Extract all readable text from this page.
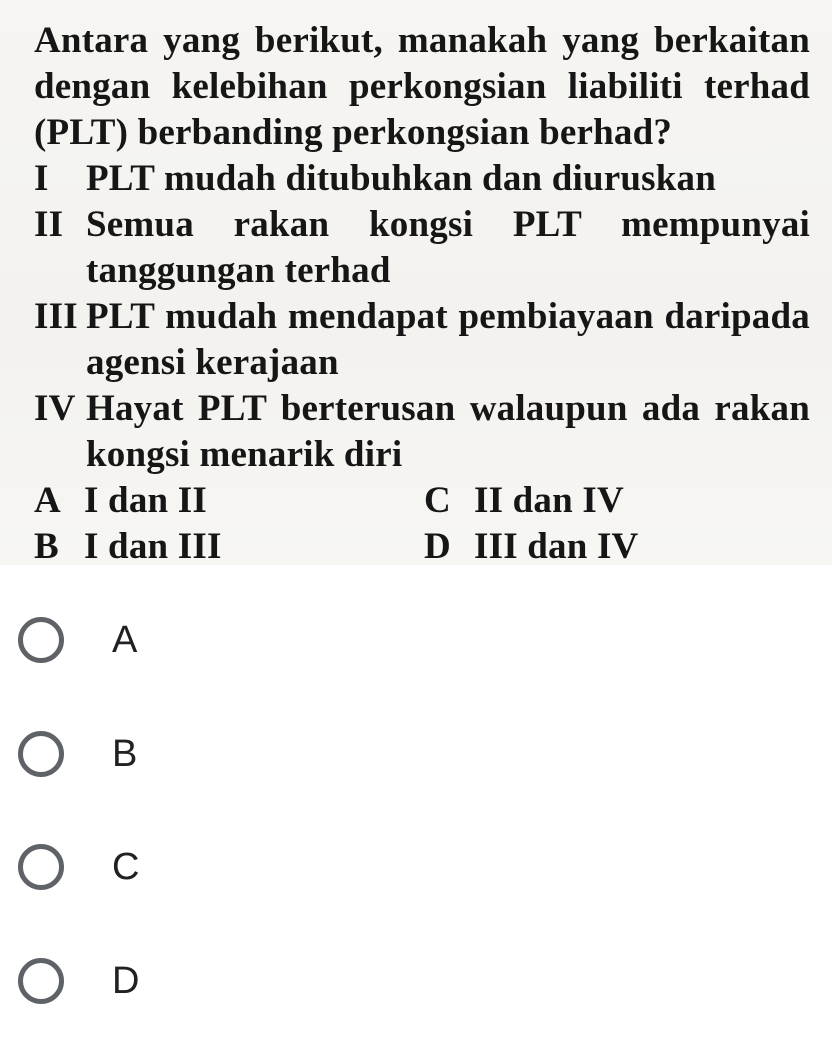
Antara yang berikut, manakah yang berkaitan
dengan kelebihan perkongsian liabiliti terhad
(PLT) berbanding perkongsian berhad?

I	PLT mudah ditubuhkan dan diuruskan
II Semua rakan kongsi PLT mempunyai
tanggungan terhad
III PLT mudah mendapat pembiayaan daripada
agensi kerajaan
IV Hayat PLT berterusan walaupun ada rakan
kongsi menarik diri
A I dan II	C II dan IV
B I dan III	D III dan IV
A
B
C
D
